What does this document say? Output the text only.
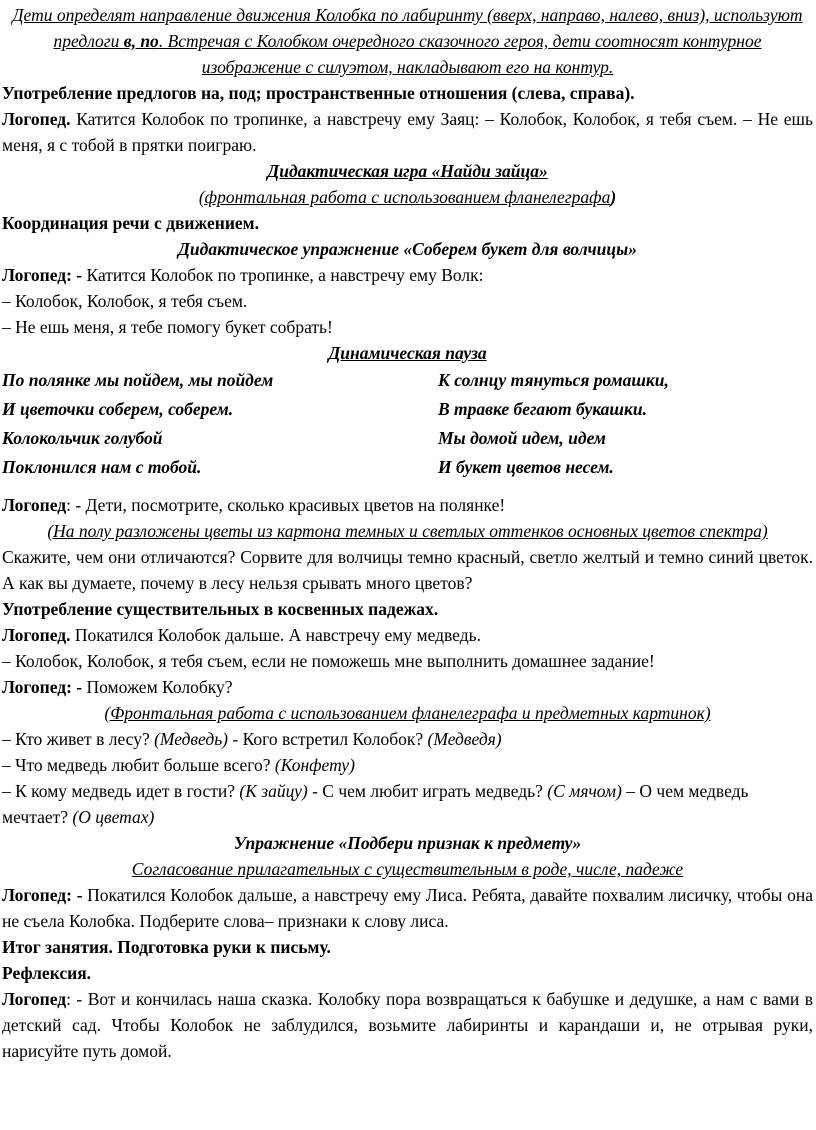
Дети определят направление движения Колобка по лабиринту (вверх, направо, налево, вниз), используют предлоги в, по. Встречая с Колобком очередного сказочного героя, дети соотносят контурное изображение с силуэтом, накладывают его на контур.

Употребление предлогов на, под; пространственные отношения (слева, справа).

Логопед. Катится Колобок по тропинке, а навстречу ему Заяц: – Колобок, Колобок, я тебя съем. – Не ешь меня, я с тобой в прятки поиграю.

Дидактическая игра «Найди зайца»

(фронтальная работа с использованием фланелеграфа)

Координация речи с движением.

Дидактическое упражнение «Соберем букет для волчицы»

Логопед: - Катится Колобок по тропинке, а навстречу ему Волк:

– Колобок, Колобок, я тебя съем.

– Не ешь меня, я тебе помогу букет собрать!

Динамическая пауза

По полянке мы пойдем, мы пойдем

И цветочки соберем, соберем.

Колокольчик голубой

Поклонился нам с тобой.

К солнцу тянуться ромашки,

В травке бегают букашки.

Мы домой идем, идем

И букет цветов несем.

Логопед: - Дети, посмотрите, сколько красивых цветов на полянке!

(На полу разложены цветы из картона темных и светлых оттенков основных цветов спектра)

Скажите, чем они отличаются? Сорвите для волчицы темно красный, светло желтый и темно синий цветок. А как вы думаете, почему в лесу нельзя срывать много цветов?

Употребление существительных в косвенных падежах.

Логопед. Покатился Колобок дальше. А навстречу ему медведь.

– Колобок, Колобок, я тебя съем, если не поможешь мне выполнить домашнее задание!

Логопед: - Поможем Колобку?

(Фронтальная работа с использованием фланелеграфа и предметных картинок)

– Кто живет в лесу? (Медведь) - Кого встретил Колобок? (Медведя)

– Что медведь любит больше всего? (Конфету)

– К кому медведь идет в гости? (К зайцу) - С чем любит играть медведь? (С мячом) – О чем медведь мечтает? (О цветах)

Упражнение «Подбери признак к предмету»

Согласование прилагательных с существительным в роде, числе, падеже

Логопед: - Покатился Колобок дальше, а навстречу ему Лиса. Ребята, давайте похвалим лисичку, чтобы она не съела Колобка. Подберите слова– признаки к слову лиса.

Итог занятия. Подготовка руки к письму.

Рефлексия.

Логопед: - Вот и кончилась наша сказка. Колобку пора возвращаться к бабушке и дедушке, а нам с вами в детский сад. Чтобы Колобок не заблудился, возьмите лабиринты и карандаши и, не отрывая руки, нарисуйте путь домой.
